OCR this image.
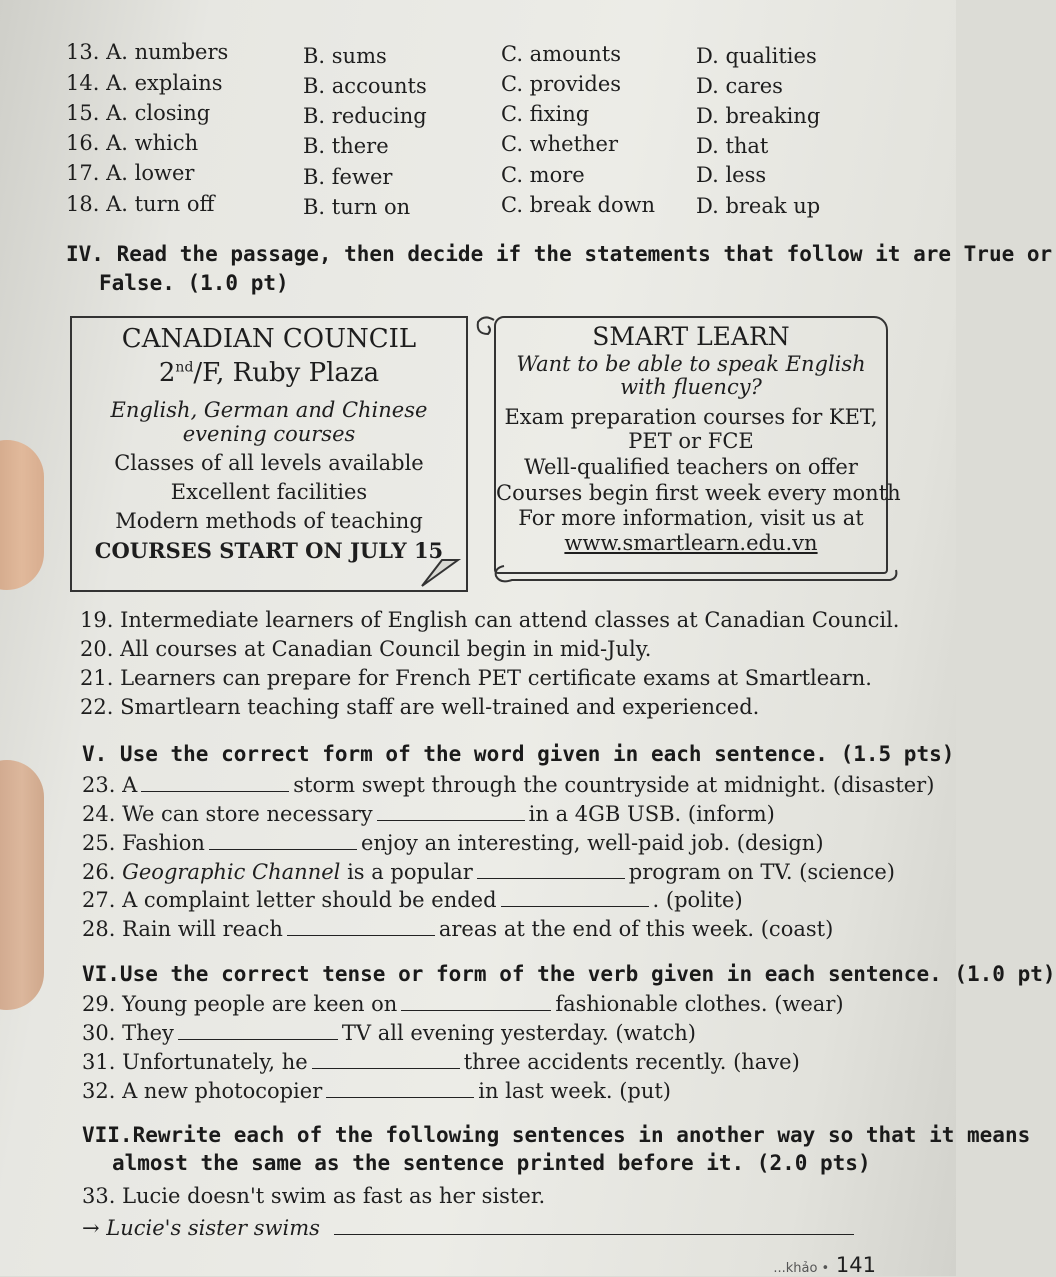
13. A. numbers	B. sums	C. amounts	D. qualities
14. A. explains	B. accounts	C. provides	D. cares
15. A. closing	B. reducing	C. fixing	D. breaking
16. A. which	B. there	C. whether	D. that
17. A. lower	B. fewer	C. more	D. less
18. A. turn off	B. turn on	C. break down D. break up
IV. Read the passage, then decide if the statements that follow it are True or
False. (1.0 pt)
CANADIAN COUNCIL
2nd/F, Ruby Plaza
English, German and Chinese
evening courses
Classes of all levels available
Excellent facilities
Modern methods of teaching
COURSES START ON JULY 15
SMART LEARN
Want to be able to speak English
with fluency?
Exam preparation courses for KET,
PET or FCE
Well-qualified teachers on offer
Courses begin first week every month
For more information, visit us at
www.smartlearn.edu.vn
19. Intermediate learners of English can attend classes at Canadian Council.
20. All courses at Canadian Council begin in mid-July.
21. Learners can prepare for French PET certificate exams at Smartlearn.
22. Smartlearn teaching staff are well-trained and experienced.
V. Use the correct form of the word given in each sentence. (1.5 pts)
23. A	storm swept through the countryside at midnight. (disaster)
24. We can store necessary	in a 4GB USB. (inform)
25. Fashion	enjoy an interesting, well-paid job. (design)
26. Geographic Channel is a popular	program on TV. (science)
27. A complaint letter should be ended	. (polite)
28. Rain will reach	areas at the end of this week. (coast)
VI.Use the correct tense or form of the verb given in each sentence. (1.0 pt)
29. Young people are keen on	fashionable clothes. (wear)
30. They	TV all evening yesterday. (watch)
31. Unfortunately, he	three accidents recently. (have)
32. A new photocopier	in last week. (put)
VII.Rewrite each of the following sentences in another way so that it means
almost the same as the sentence printed before it. (2.0 pts)
33. Lucie doesn't swim as fast as her sister.
→ Lucie's sister swims
...khảo • 141
